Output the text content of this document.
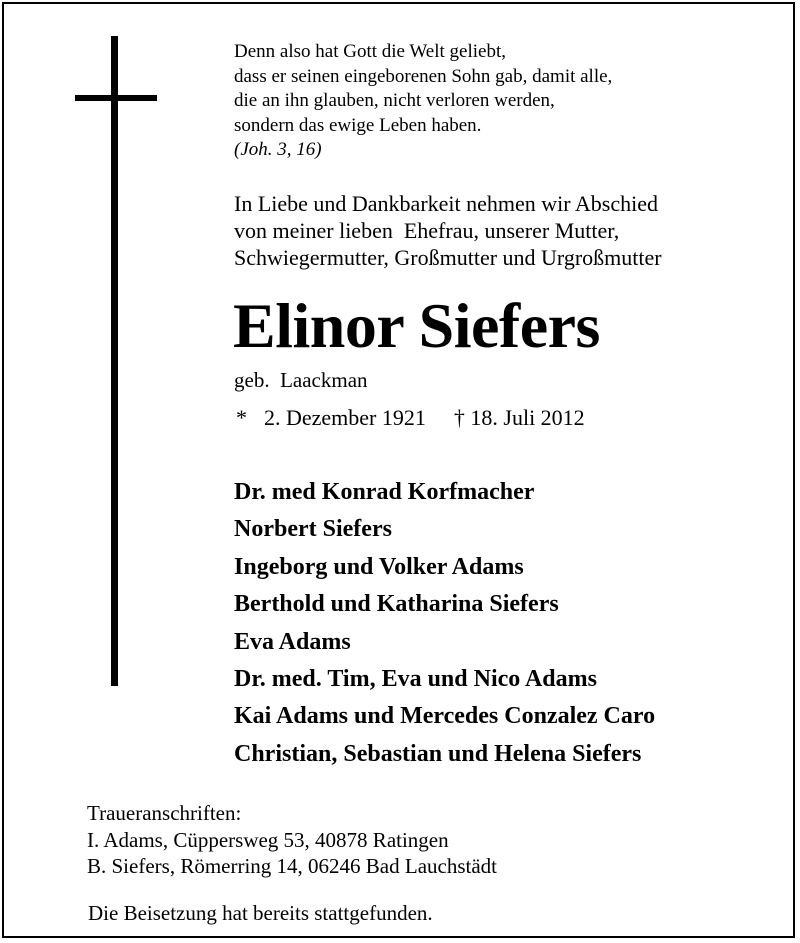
Denn also hat Gott die Welt geliebt,
dass er seinen eingeborenen Sohn gab, damit alle,
die an ihn glauben, nicht verloren werden,
sondern das ewige Leben haben.
(Joh. 3, 16)
In Liebe und Dankbarkeit nehmen wir Abschied
von meiner lieben  Ehefrau, unserer Mutter,
Schwiegermutter, Großmutter und Urgroßmutter
Elinor Siefers
geb.  Laackman
* 2. Dezember 1921 † 18. Juli 2012
Dr. med Konrad Korfmacher
Norbert Siefers
Ingeborg und Volker Adams
Berthold und Katharina Siefers
Eva Adams
Dr. med. Tim, Eva und Nico Adams
Kai Adams und Mercedes Conzalez Caro
Christian, Sebastian und Helena Siefers
Traueranschriften:
I. Adams, Cüppersweg 53, 40878 Ratingen
B. Siefers, Römerring 14, 06246 Bad Lauchstädt
Die Beisetzung hat bereits stattgefunden.
